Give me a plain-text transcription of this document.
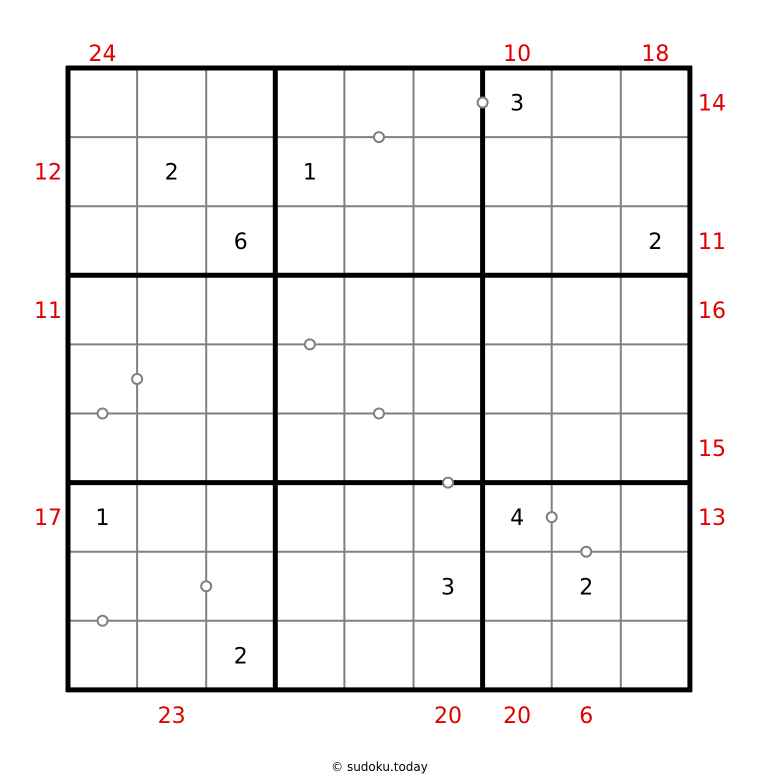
3
2	1
6	2
1	4
3	2
2
24	10	18
23	20 20 6
12
11
17
14
11
16
15
13
© sudoku.today
